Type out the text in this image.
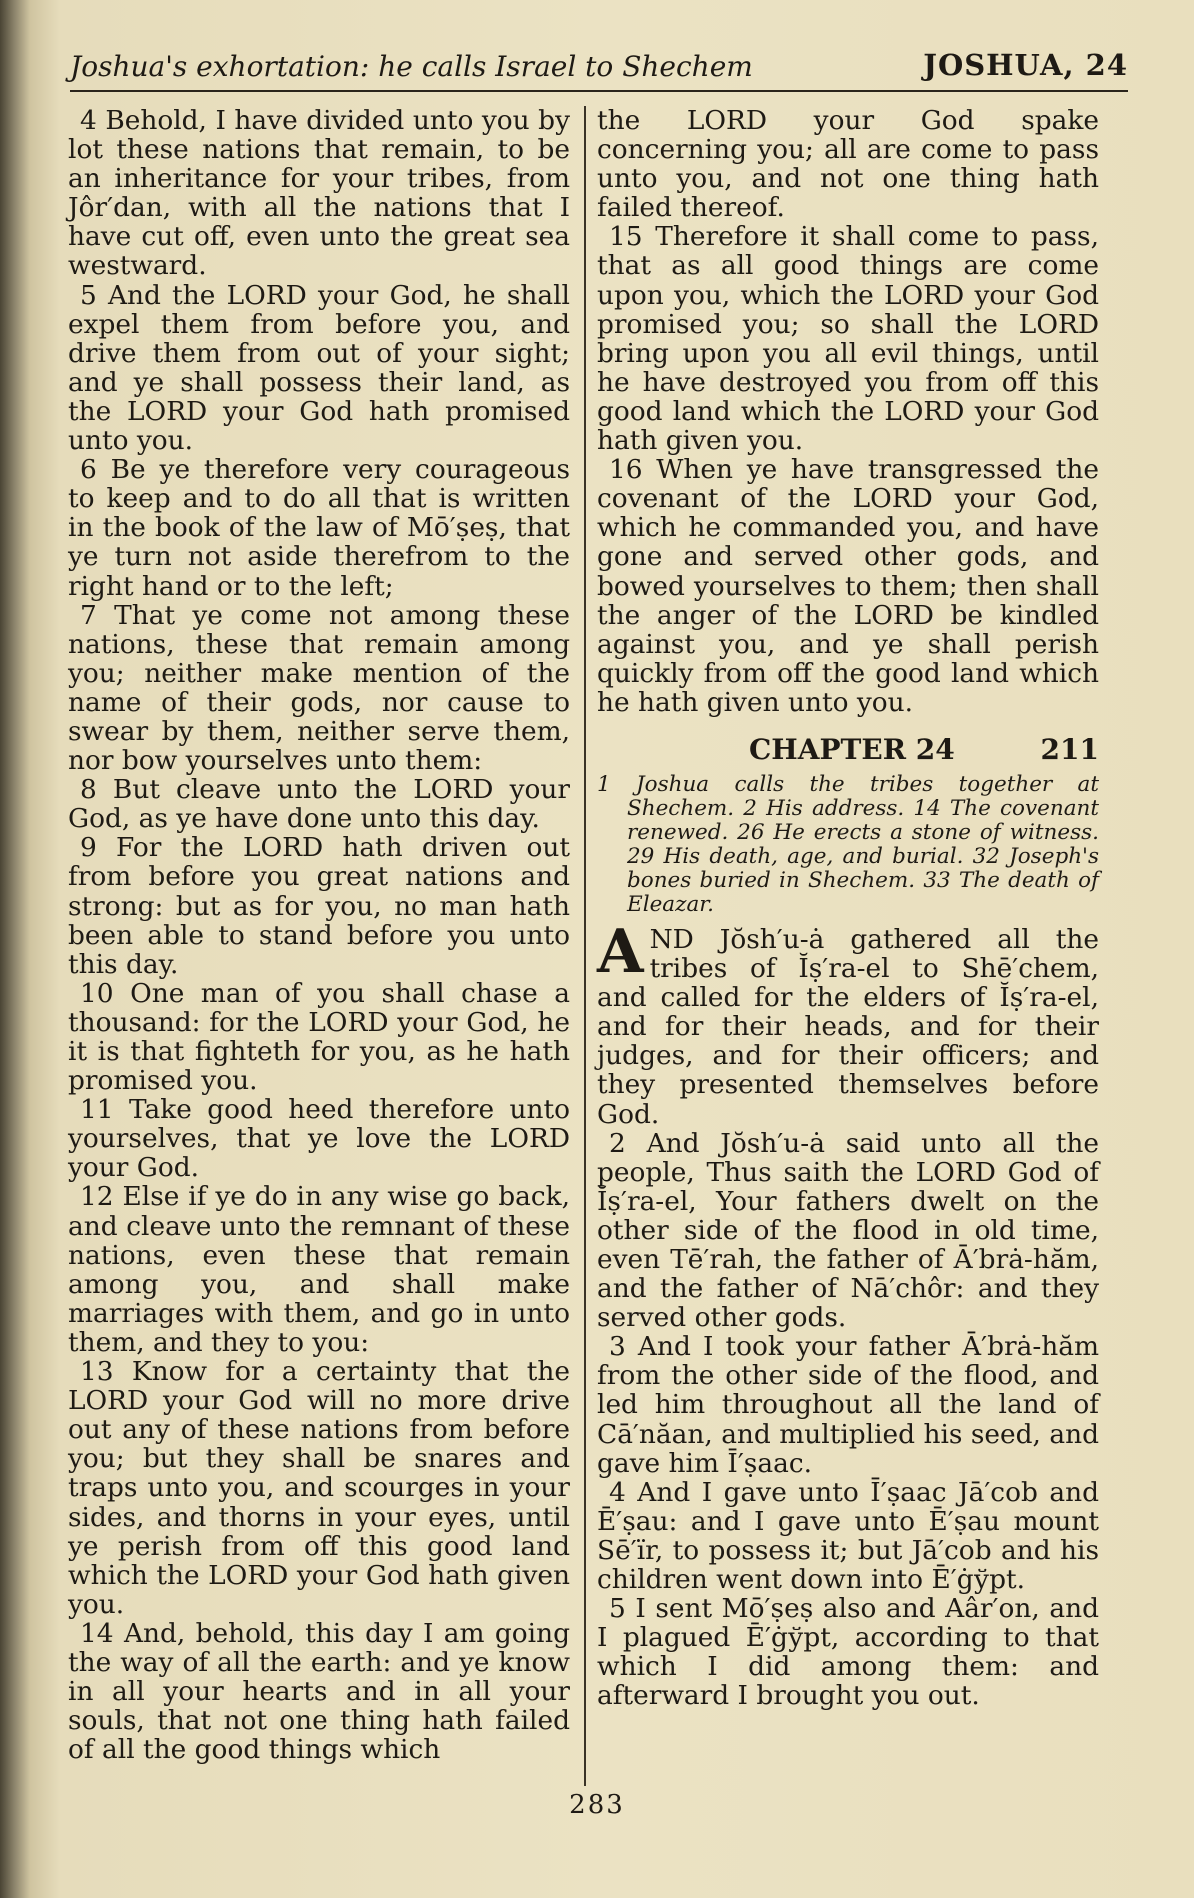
Joshua's exhortation: he calls Israel to Shechem	JOSHUA, 24

4 Behold, I have divided unto you by lot these nations that remain, to be an inheritance for your tribes, from Jôr′dan, with all the nations that I have cut off, even unto the great sea westward.

5 And the LORD your God, he shall expel them from before you, and drive them from out of your sight; and ye shall possess their land, as the LORD your God hath promised unto you.

6 Be ye therefore very courageous to keep and to do all that is written in the book of the law of Mō′ṣeṣ, that ye turn not aside therefrom to the right hand or to the left;

7 That ye come not among these nations, these that remain among you; neither make mention of the name of their gods, nor cause to swear by them, neither serve them, nor bow yourselves unto them:

8 But cleave unto the LORD your God, as ye have done unto this day.

9 For the LORD hath driven out from before you great nations and strong: but as for you, no man hath been able to stand before you unto this day.

10 One man of you shall chase a thousand: for the LORD your God, he it is that fighteth for you, as he hath promised you.

11 Take good heed therefore unto yourselves, that ye love the LORD your God.

12 Else if ye do in any wise go back, and cleave unto the remnant of these nations, even these that remain among you, and shall make marriages with them, and go in unto them, and they to you:

13 Know for a certainty that the LORD your God will no more drive out any of these nations from before you; but they shall be snares and traps unto you, and scourges in your sides, and thorns in your eyes, until ye perish from off this good land which the LORD your God hath given you.

14 And, behold, this day I am going the way of all the earth: and ye know in all your hearts and in all your souls, that not one thing hath failed of all the good things which

the LORD your God spake concerning you; all are come to pass unto you, and not one thing hath failed thereof.

15 Therefore it shall come to pass, that as all good things are come upon you, which the LORD your God promised you; so shall the LORD bring upon you all evil things, until he have destroyed you from off this good land which the LORD your God hath given you.

16 When ye have transgressed the covenant of the LORD your God, which he commanded you, and have gone and served other gods, and bowed yourselves to them; then shall the anger of the LORD be kindled against you, and ye shall perish quickly from off the good land which he hath given unto you.

CHAPTER 24	211

1 Joshua calls the tribes together at Shechem. 2 His address. 14 The covenant renewed. 26 He erects a stone of witness. 29 His death, age, and burial. 32 Joseph's bones buried in Shechem. 33 The death of Eleazar.

AND Jŏsh′u-ȧ gathered all the tribes of Ĭṣ′ra-el to Shē′chem, and called for the elders of Ĭṣ′ra-el, and for their heads, and for their judges, and for their officers; and they presented themselves before God.

2 And Jŏsh′u-ȧ said unto all the people, Thus saith the LORD God of Ĭṣ′ra-el, Your fathers dwelt on the other side of the flood in old time, even Tē′rah, the father of Ā′brȧ-hăm, and the father of Nā′chôr: and they served other gods.

3 And I took your father Ā′brȧ-hăm from the other side of the flood, and led him throughout all the land of Cā′năan, and multiplied his seed, and gave him Ī′ṣaac.

4 And I gave unto Ī′ṣaac Jā′cob and Ē′ṣau: and I gave unto Ē′ṣau mount Sē′ïr, to possess it; but Jā′cob and his children went down into Ē′ġўpt.

5 I sent Mō′ṣeṣ also and Aâr′on, and I plagued Ē′ġўpt, according to that which I did among them: and afterward I brought you out.

283
